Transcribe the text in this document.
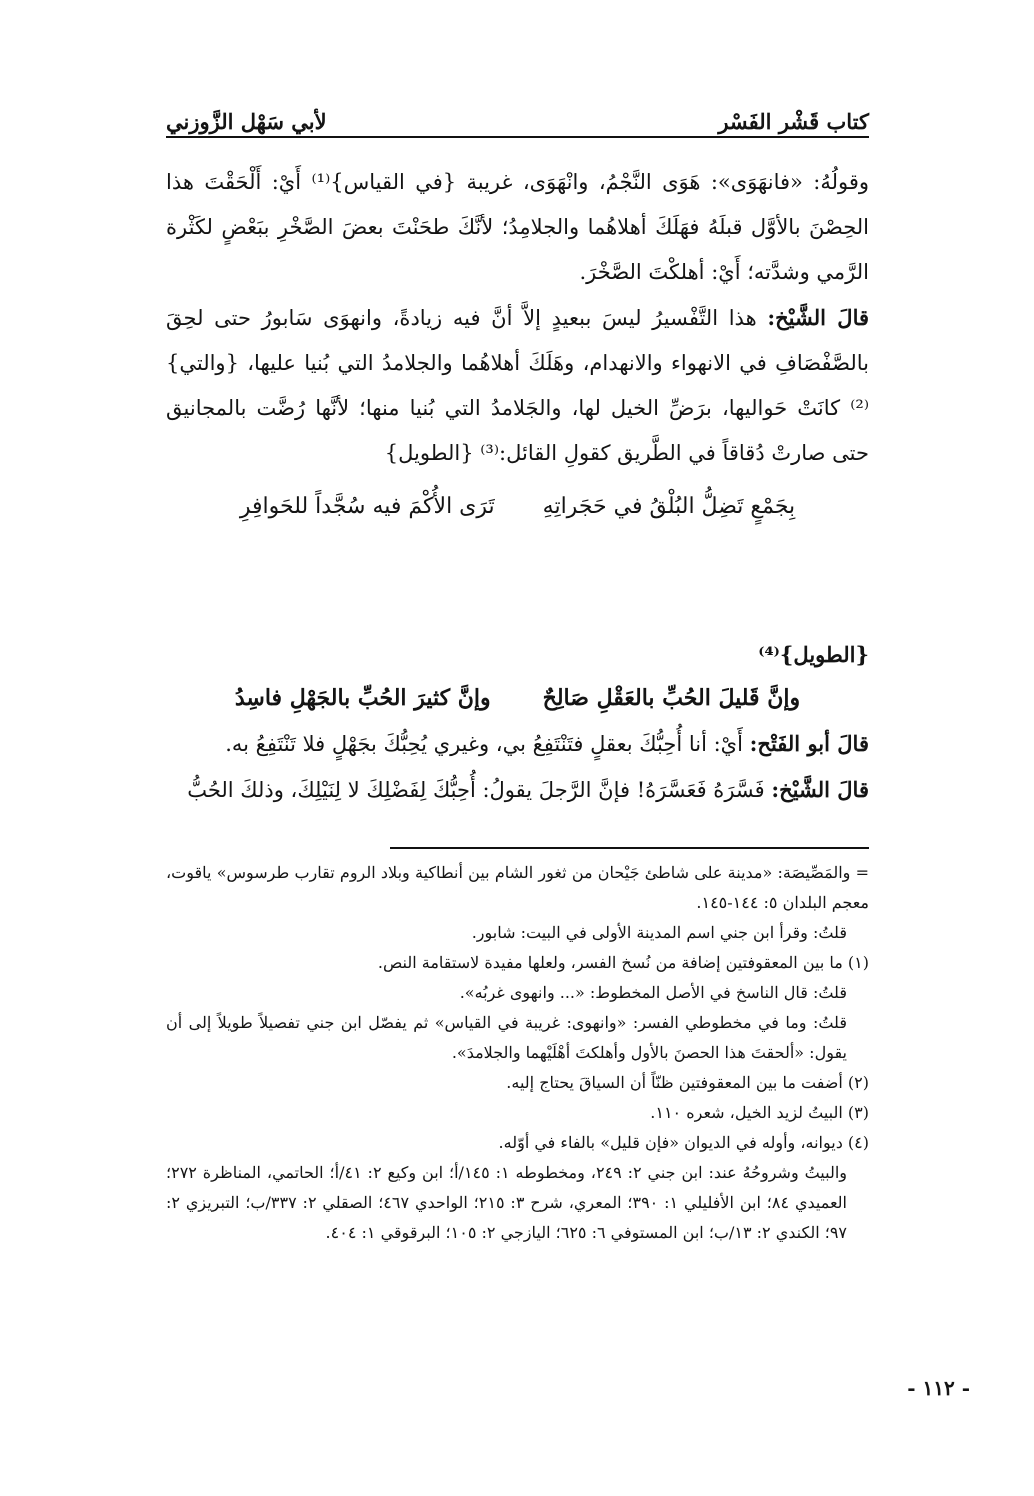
كتاب قَشْر الفَسْر
لأبي سَهْل الزَّوزني

وقولُهُ: «فانهَوَى»: هَوَى النَّجْمُ، وانْهَوَى، غريبة {في القياس}⁽¹⁾ أَيْ: أَلْحَقْتَ هذا الحِصْنَ بالأوَّل قبلَهُ فهَلَكَ أهلاهُما والجلامِدُ؛ لأنَّكَ طحَنْتَ بعضَ الصَّخْرِ ببَعْضٍ لكَثْرة الرَّمي وشدَّته؛ أَيْ: أهلكْتَ الصَّخْرَ.

قالَ الشَّيْخ: هذا التَّفْسيرُ ليسَ ببعيدٍ إلاَّ أنَّ فيه زيادةً، وانهوَى سَابورُ حتى لحِقَ بالصَّفْصَافِ في الانهواء والانهدام، وهَلَكَ أهلاهُما والجلامدُ التي بُنيا عليها، {والتي}⁽²⁾ كانَتْ حَواليها، برَضِّ الخيل لها، والجَلامدُ التي بُنيا منها؛ لأنَّها رُضَّت بالمجانيق حتى صارتْ دُقاقاً في الطَّريق كقولِ القائل:⁽³⁾ {الطويل}

بِجَمْعٍ تَضِلُّ البُلْقُ في حَجَراتِهِ
تَرَى الأُكْمَ فيه سُجَّداً للحَوافِرِ
{الطويل}⁽⁴⁾
وإنَّ قَليلَ الحُبِّ بالعَقْلِ صَالِحٌ
وإنَّ كثيرَ الحُبِّ بالجَهْلِ فاسِدُ

قالَ أبو الفَتْح: أَيْ: أنا أُحِبُّكَ بعقلٍ فتَنْتَفِعُ بي، وغيري يُحِبُّكَ بجَهْلٍ فلا تَنْتَفِعُ به.

قالَ الشَّيْخ: فَسَّرَهُ فَعَسَّرَهُ! فإنَّ الرَّجلَ يقولُ: أُحِبُّكَ لِفَضْلِكَ لا لِنَيْلِكَ، وذلكَ الحُبُّ

= والمَصِّيصَة: «مدينة على شاطئ جَيْحان من ثغور الشام بين أنطاكية وبلاد الروم تقارب طرسوس» ياقوت، معجم البلدان ٥: ١٤٤-١٤٥.

قلتُ: وقرأ ابن جني اسم المدينة الأولى في البيت: شابور.

(١) ما بين المعقوفتين إضافة من نُسخ الفسر، ولعلها مفيدة لاستقامة النص.

قلتُ: قال الناسخ في الأصل المخطوط: «... وانهوى غربُه».

قلتُ: وما في مخطوطي الفسر: «وانهوى: غريبة في القياس» ثم يفصّل ابن جني تفصيلاً طويلاً إلى أن يقول: «ألحقتَ هذا الحصنَ بالأول وأهلكتَ أهْلَيْهما والجلامدَ».

(٢) أضفت ما بين المعقوفتين ظنّاً أن السياقَ يحتاج إليه.

(٣) البيتُ لزيد الخيل، شعره ١١٠.

(٤) ديوانه، وأوله في الديوان «فإن قليل» بالفاء في أوّله.

والبيتُ وشروحُهُ عند: ابن جني ٢: ٢٤٩، ومخطوطه ١: ١٤٥/أ؛ ابن وكيع ٢: ٤١/أ؛ الحاتمي، المناظرة ٢٧٢؛ العميدي ٨٤؛ ابن الأفليلي ١: ٣٩٠؛ المعري، شرح ٣: ٢١٥؛ الواحدي ٤٦٧؛ الصقلي ٢: ٣٣٧/ب؛ التبريزي ٢: ٩٧؛ الكندي ٢: ١٣/ب؛ ابن المستوفي ٦: ٦٢٥؛ اليازجي ٢: ١٠٥؛ البرقوقي ١: ٤٠٤.

- ١١٢ -
